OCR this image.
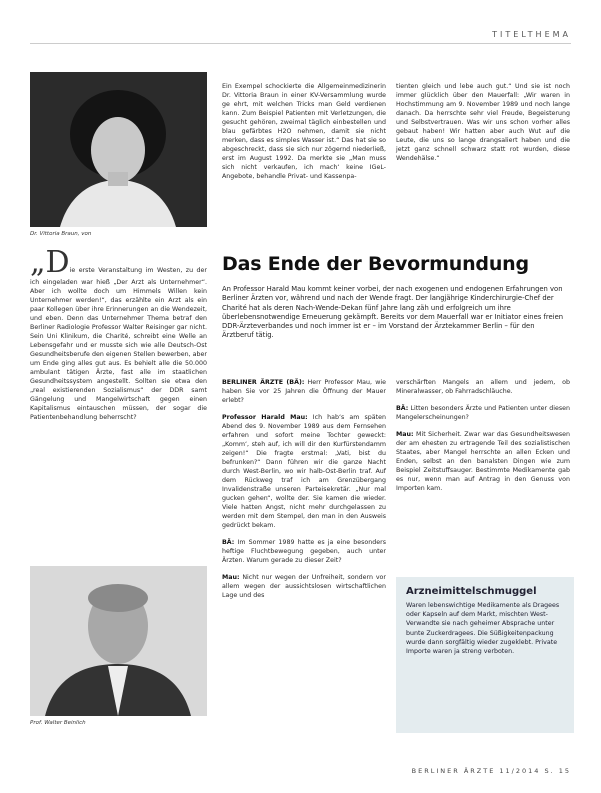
TITELTHEMA
Dr. Vittoria Braun, von

„Die erste Veranstaltung im Westen, zu der ich eingeladen war hieß „Der Arzt als Unternehmer“. Aber ich wollte doch um Himmels Willen kein Unternehmer werden!“, das erzählte ein Arzt als ein paar Kollegen über ihre Erinnerungen an die Wendezeit, und eben. Denn das Unternehmer Thema betraf den Berliner Radiologie Professor Walter Reisinger gar nicht. Sein Uni Klinikum, die Charité, schreibt eine Welle an Lebensgefahr und er musste sich wie alle Deutsch-Ost Gesundheitsberufe den eigenen Stellen bewerben, aber um Ende ging alles gut aus. Es behielt alle die 50.000 ambulant tätigen Ärzte, fast alle im staatlichen Gesundheitssystem angestellt. Sollten sie etwa den „real existierenden Sozialismus“ der DDR samt Gängelung und Mangelwirtschaft gegen einen Kapitalismus eintauschen müssen, der sogar die Patientenbehandlung beherrscht?

Prof. Walter Beinlich
Ein Exempel schockierte die Allgemeinmedizinerin Dr. Vittoria Braun in einer KV-Versammlung wurde ge ehrt, mit welchen Tricks man Geld verdienen kann. Zum Beispiel Patienten mit Verletzungen, die gesucht gehören, zweimal täglich einbestellen und blau gefärbtes H2O nehmen, damit sie nicht merken, dass es simples Wasser ist.“ Das hat sie so abgeschreckt, dass sie sich nur zögernd niederließ, erst im August 1992. Da merkte sie „Man muss sich nicht verkaufen, ich mach‘ keine IGeL-Angebote, behandle Privat- und Kassenpa-
tienten gleich und lebe auch gut.“ Und sie ist noch immer glücklich über den Mauerfall: „Wir waren in Hochstimmung am 9. November 1989 und noch lange danach. Da herrschte sehr viel Freude, Begeisterung und Selbstvertrauen. Was wir uns schon vorher alles gebaut haben! Wir hatten aber auch Wut auf die Leute, die uns so lange drangsaliert haben und die jetzt ganz schnell schwarz statt rot wurden, diese Wendehälse.“
Das Ende der Bevormundung
An Professor Harald Mau kommt keiner vorbei, der nach exogenen und endogenen Erfahrungen von Berliner Ärzten vor, während und nach der Wende fragt. Der langjährige Kinderchirurgie-Chef der Charité hat als deren Nach-Wende-Dekan fünf Jahre lang zäh und erfolgreich um ihre überlebensnotwendige Erneuerung gekämpft. Bereits vor dem Mauerfall war er Initiator eines freien DDR-Ärzteverbandes und noch immer ist er – im Vorstand der Ärztekammer Berlin – für den Ärztberuf tätig.

BERLINER ÄRZTE (BÄ): Herr Professor Mau, wie haben Sie vor 25 Jahren die Öffnung der Mauer erlebt?

Professor Harald Mau: Ich hab‘s am späten Abend des 9. November 1989 aus dem Fernsehen erfahren und sofort meine Tochter geweckt: „Komm‘, steh auf, ich will dir den Kurfürstendamm zeigen!“ Die fragte erstmal: „Vati, bist du befrunken?“ Dann führen wir die ganze Nacht durch West-Berlin, wo wir halb-Ost-Berlin traf. Auf dem Rückweg traf ich am Grenzübergang Invalidenstraße unseren Parteisekretär. „Nur mal gucken gehen“, wollte der. Sie kamen die wieder. Viele hatten Angst, nicht mehr durchgelassen zu werden mit dem Stempel, den man in den Ausweis gedrückt bekam.

BÄ: Im Sommer 1989 hatte es ja eine besonders heftige Fluchtbewegung gegeben, auch unter Ärzten. Warum gerade zu dieser Zeit?

Mau: Nicht nur wegen der Unfreiheit, sondern vor allem wegen der aussichtslosen wirtschaftlichen Lage und des

verschärften Mangels an allem und jedem, ob Mineralwasser, ob Fahrradschläuche.

BÄ: Litten besonders Ärzte und Patienten unter diesen Mangelerscheinungen?

Mau: Mit Sicherheit. Zwar war das Gesundheitswesen der am ehesten zu ertragende Teil des sozialistischen Staates, aber Mangel herrschte an allen Ecken und Enden, selbst an den banalsten Dingen wie zum Beispiel Zeitstuffsauger. Bestimmte Medikamente gab es nur, wenn man auf Antrag in den Genuss von Importen kam.

Arzneimittelschmuggel
Waren lebenswichtige Medikamente als Dragees oder Kapseln auf dem Markt, mischten West-Verwandte sie nach geheimer Absprache unter bunte Zuckerdragees. Die Süßigkeitenpackung wurde dann sorgfältig wieder zugeklebt. Private Importe waren ja streng verboten.
BERLINER ÄRZTE 11/2014 S. 15
